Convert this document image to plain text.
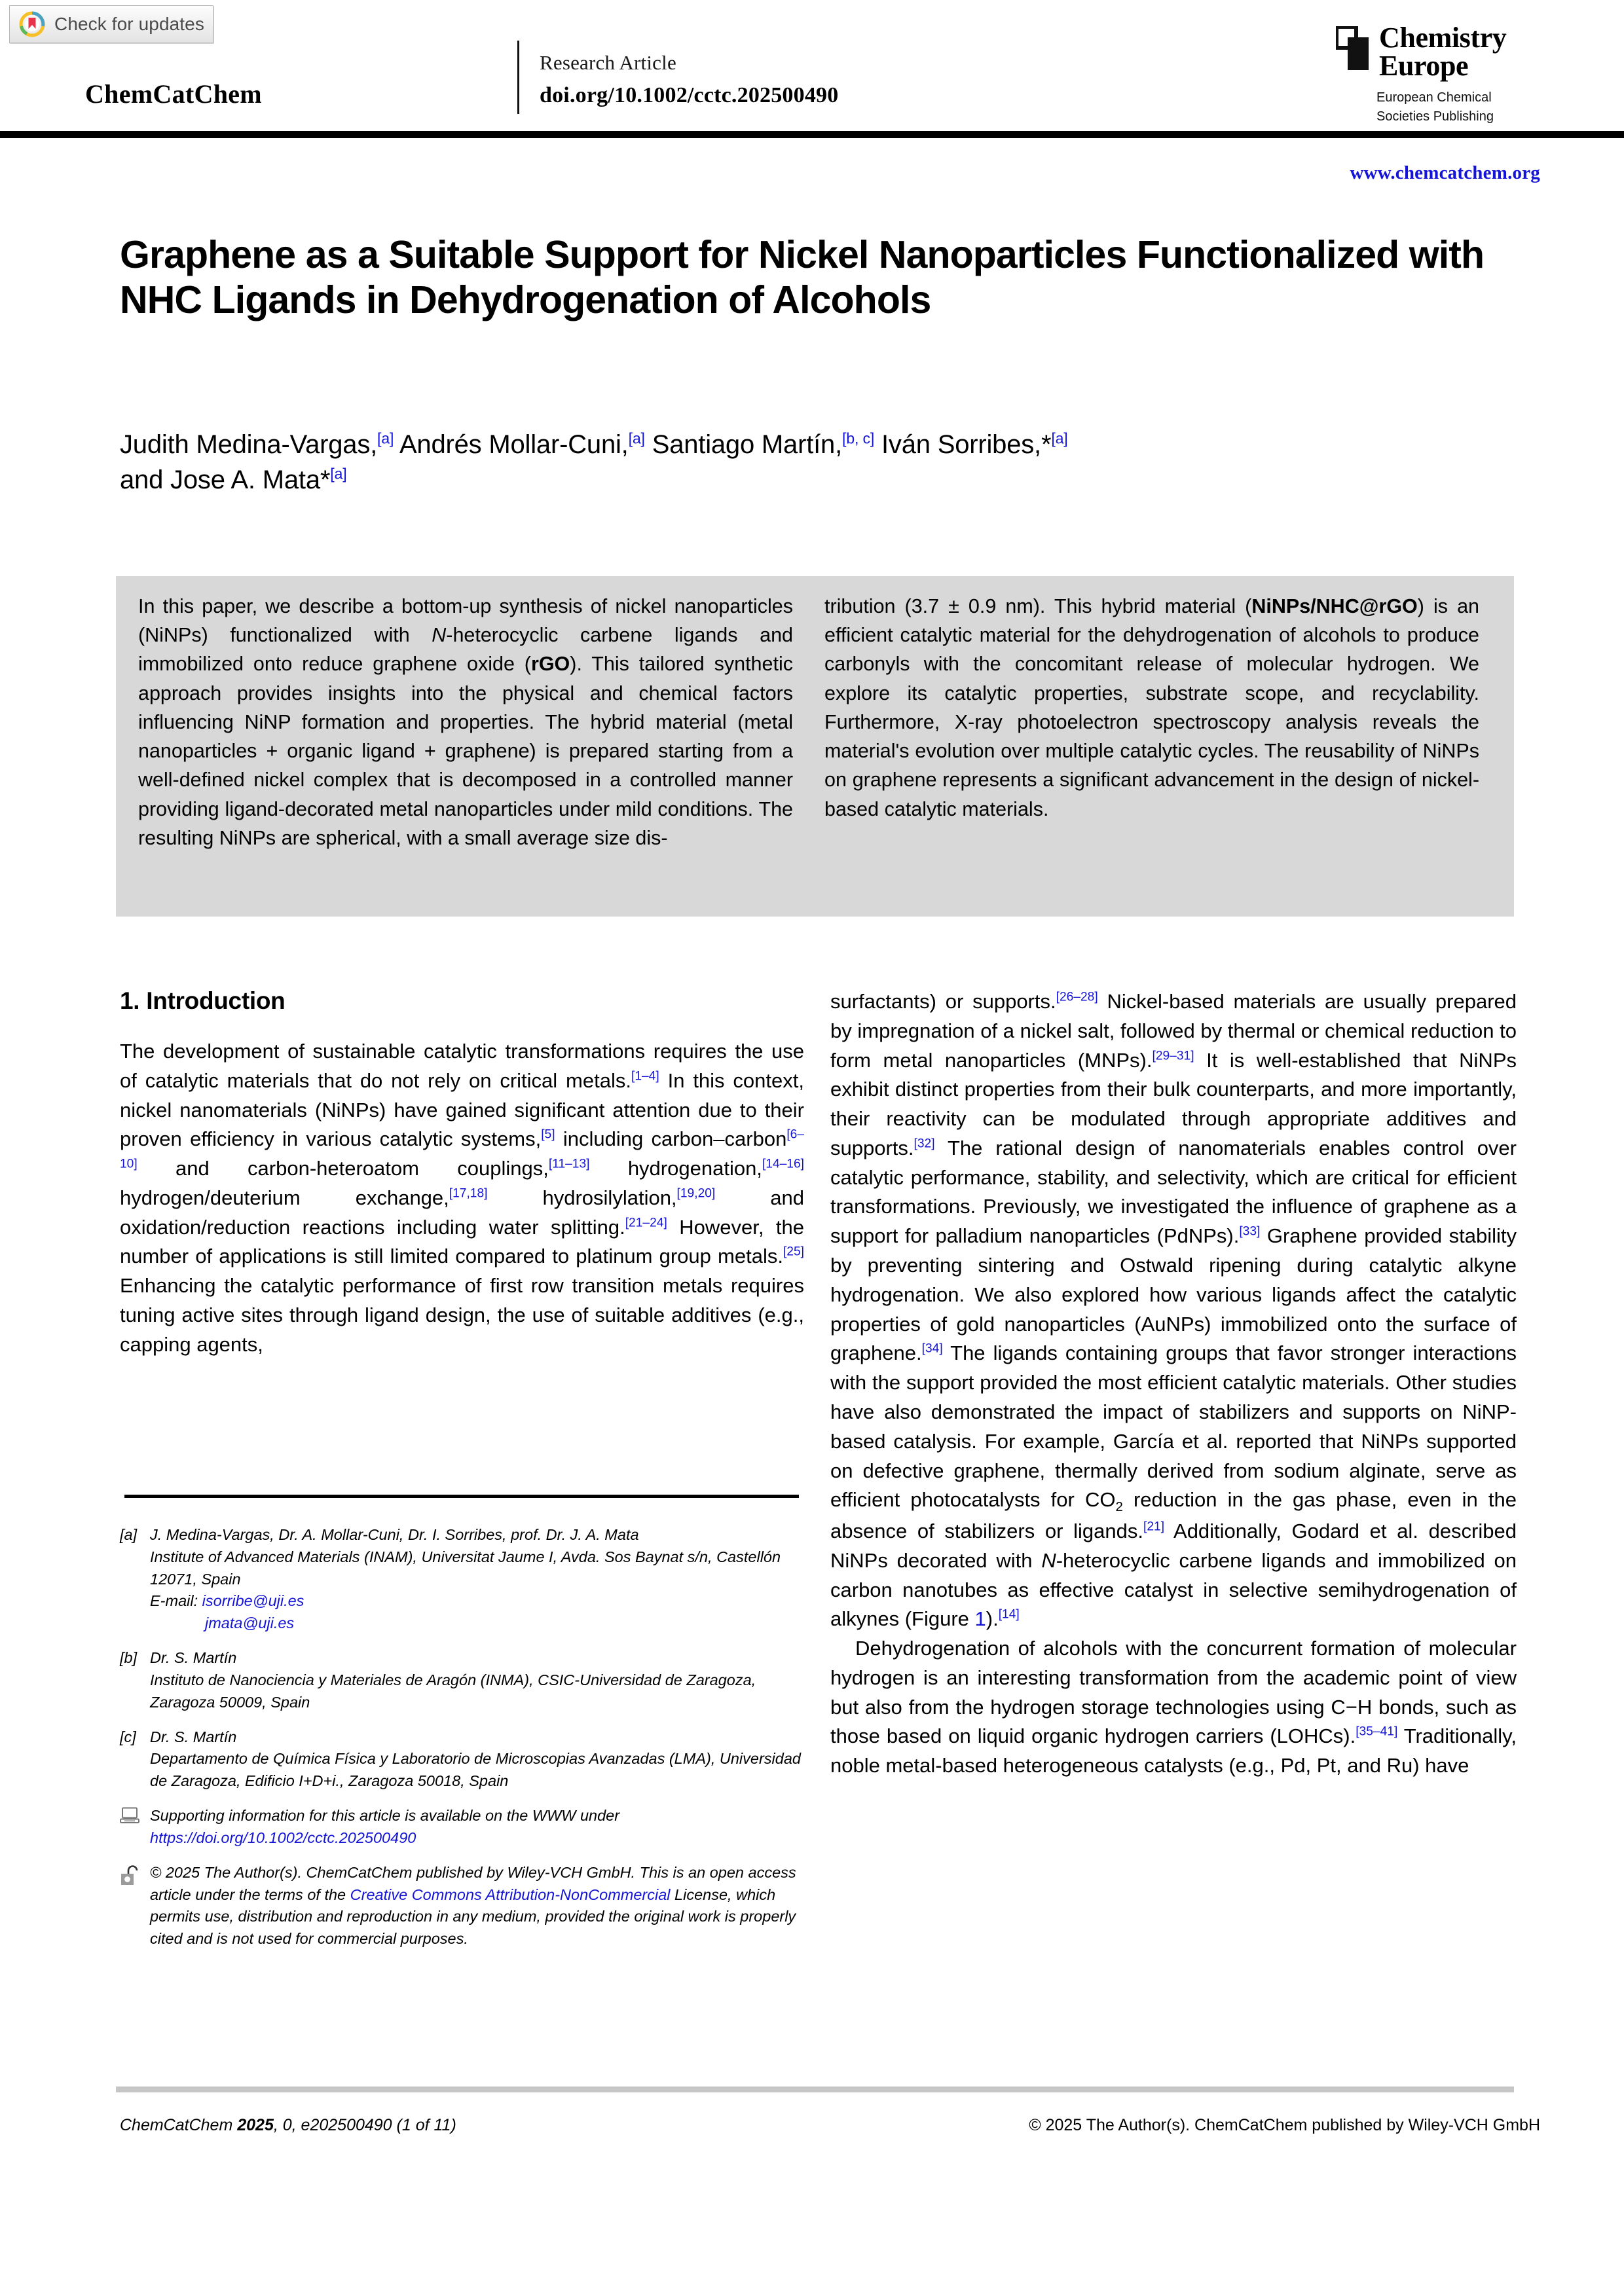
Check for updates
ChemCatChem
Research Article
doi.org/10.1002/cctc.202500490
Chemistry
Europe
European Chemical
Societies Publishing
www.chemcatchem.org
Graphene as a Suitable Support for Nickel Nanoparticles Functionalized with NHC Ligands in Dehydrogenation of Alcohols
Judith Medina-Vargas,[a] Andrés Mollar-Cuni,[a] Santiago Martín,[b, c] Iván Sorribes,*[a]
and Jose A. Mata*[a]
In this paper, we describe a bottom-up synthesis of nickel nanoparticles (NiNPs) functionalized with N-heterocyclic carbene ligands and immobilized onto reduce graphene oxide (rGO). This tailored synthetic approach provides insights into the physical and chemical factors influencing NiNP formation and properties. The hybrid material (metal nanoparticles + organic ligand + graphene) is prepared starting from a well-defined nickel complex that is decomposed in a controlled manner providing ligand-decorated metal nanoparticles under mild conditions. The resulting NiNPs are spherical, with a small average size dis-
tribution (3.7 ± 0.9 nm). This hybrid material (NiNPs/NHC@rGO) is an efficient catalytic material for the dehydrogenation of alcohols to produce carbonyls with the concomitant release of molecular hydrogen. We explore its catalytic properties, substrate scope, and recyclability. Furthermore, X-ray photoelectron spectroscopy analysis reveals the material's evolution over multiple catalytic cycles. The reusability of NiNPs on graphene represents a significant advancement in the design of nickel-based catalytic materials.
1. Introduction

The development of sustainable catalytic transformations requires the use of catalytic materials that do not rely on critical metals.[1–4] In this context, nickel nanomaterials (NiNPs) have gained significant attention due to their proven efficiency in various catalytic systems,[5] including carbon–carbon[6–10] and carbon-heteroatom couplings,[11–13] hydrogenation,[14–16] hydrogen/deuterium exchange,[17,18] hydrosilylation,[19,20] and oxidation/reduction reactions including water splitting.[21–24] However, the number of applications is still limited compared to platinum group metals.[25] Enhancing the catalytic performance of first row transition metals requires tuning active sites through ligand design, the use of suitable additives (e.g., capping agents,

surfactants) or supports.[26–28] Nickel-based materials are usually prepared by impregnation of a nickel salt, followed by thermal or chemical reduction to form metal nanoparticles (MNPs).[29–31] It is well-established that NiNPs exhibit distinct properties from their bulk counterparts, and more importantly, their reactivity can be modulated through appropriate additives and supports.[32] The rational design of nanomaterials enables control over catalytic performance, stability, and selectivity, which are critical for efficient transformations. Previously, we investigated the influence of graphene as a support for palladium nanoparticles (PdNPs).[33] Graphene provided stability by preventing sintering and Ostwald ripening during catalytic alkyne hydrogenation. We also explored how various ligands affect the catalytic properties of gold nanoparticles (AuNPs) immobilized onto the surface of graphene.[34] The ligands containing groups that favor stronger interactions with the support provided the most efficient catalytic materials. Other studies have also demonstrated the impact of stabilizers and supports on NiNP-based catalysis. For example, García et al. reported that NiNPs supported on defective graphene, thermally derived from sodium alginate, serve as efficient photocatalysts for $CO_2$ reduction in the gas phase, even in the absence of stabilizers or ligands.[21] Additionally, Godard et al. described NiNPs decorated with N-heterocyclic carbene ligands and immobilized on carbon nanotubes as effective catalyst in selective semihydrogenation of alkynes (Figure 1).[14]

Dehydrogenation of alcohols with the concurrent formation of molecular hydrogen is an interesting transformation from the academic point of view but also from the hydrogen storage technologies using C−H bonds, such as those based on liquid organic hydrogen carriers (LOHCs).[35–41] Traditionally, noble metal-based heterogeneous catalysts (e.g., Pd, Pt, and Ru) have

[a] J. Medina-Vargas, Dr. A. Mollar-Cuni, Dr. I. Sorribes, prof. Dr. J. A. Mata
Institute of Advanced Materials (INAM), Universitat Jaume I, Avda. Sos Baynat s/n, Castellón 12071, Spain
E-mail: isorribe@uji.es
jmata@uji.es
[b] Dr. S. Martín
Instituto de Nanociencia y Materiales de Aragón (INMA), CSIC-Universidad de Zaragoza, Zaragoza 50009, Spain
[c] Dr. S. Martín
Departamento de Química Física y Laboratorio de Microscopias Avanzadas (LMA), Universidad de Zaragoza, Edificio I+D+i., Zaragoza 50018, Spain
Supporting information for this article is available on the WWW under https://doi.org/10.1002/cctc.202500490
© 2025 The Author(s). ChemCatChem published by Wiley-VCH GmbH. This is an open access article under the terms of the Creative Commons Attribution-NonCommercial License, which permits use, distribution and reproduction in any medium, provided the original work is properly cited and is not used for commercial purposes.
ChemCatChem 2025, 0, e202500490 (1 of 11)	© 2025 The Author(s). ChemCatChem published by Wiley-VCH GmbH
